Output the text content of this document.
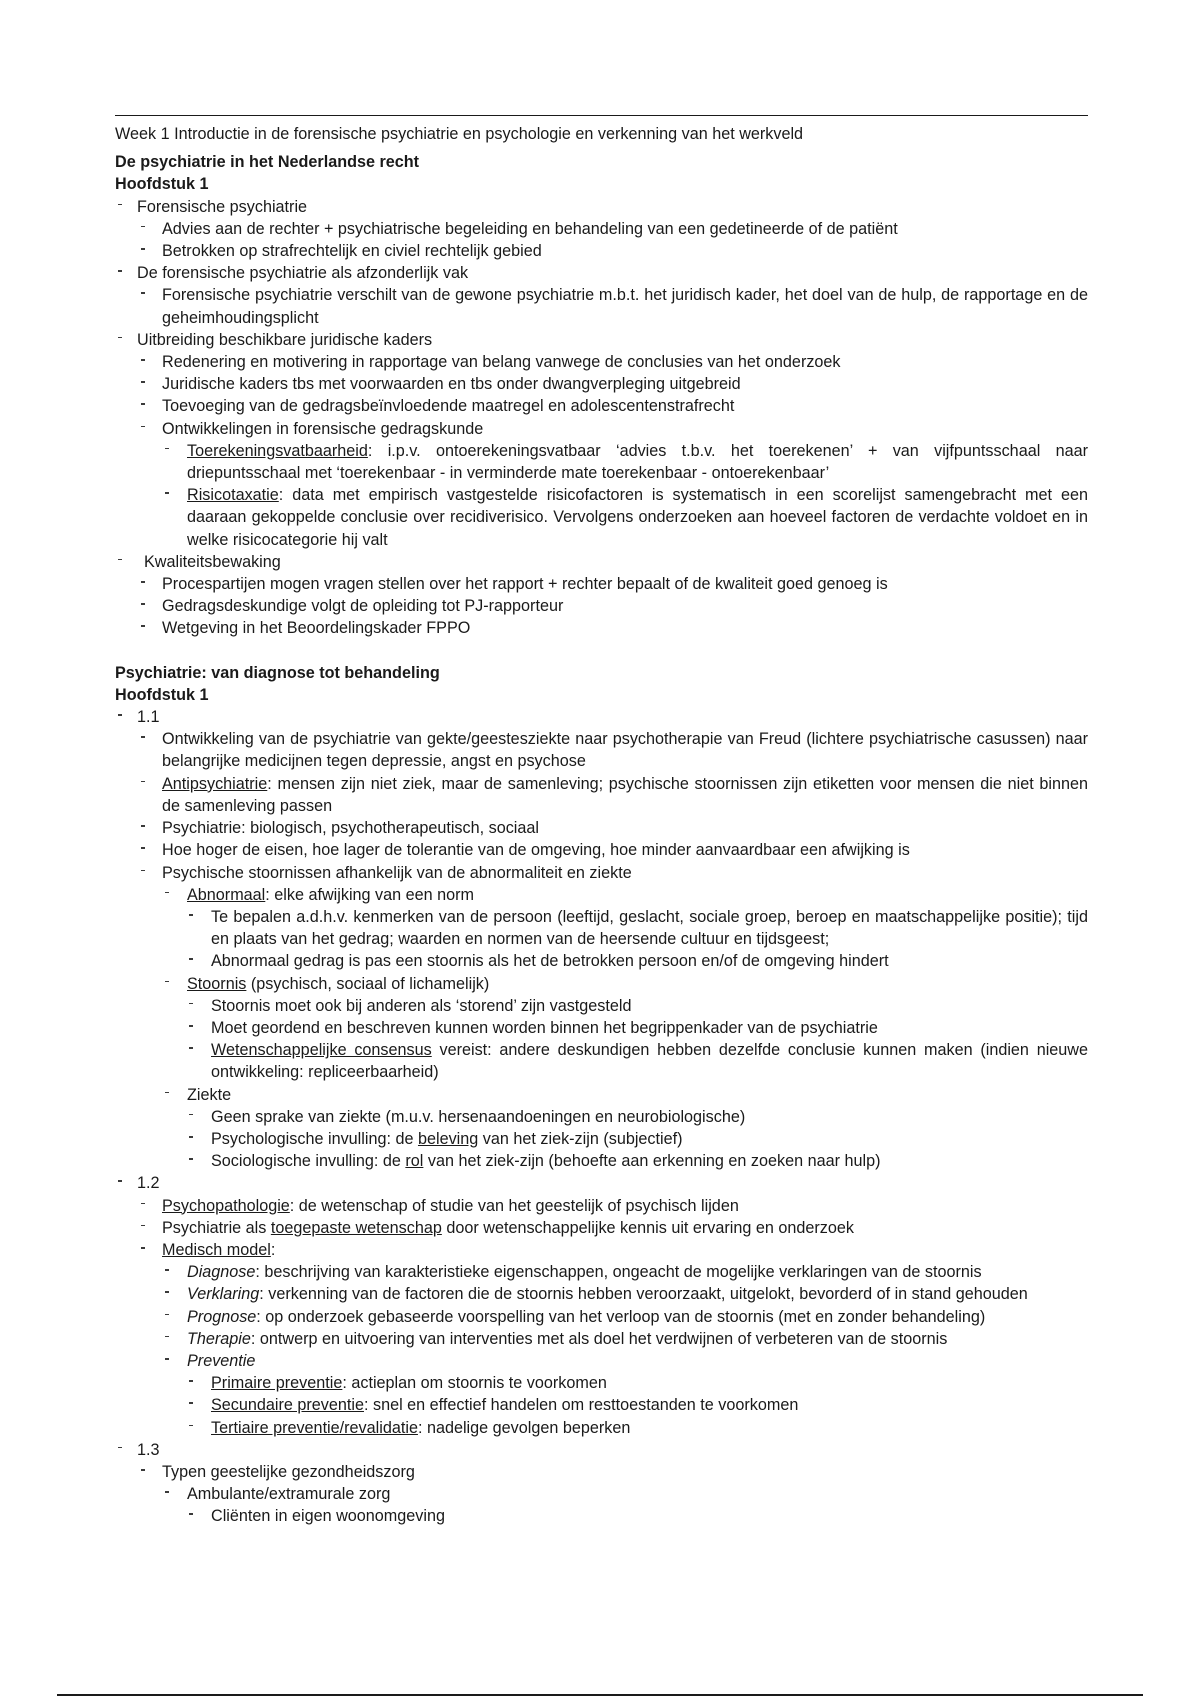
Week 1 Introductie in de forensische psychiatrie en psychologie en verkenning van het werkveld

De psychiatrie in het Nederlandse recht

Hoofdstuk 1

Forensische psychiatrie
Advies aan de rechter + psychiatrische begeleiding en behandeling van een gedetineerde of de patiënt
Betrokken op strafrechtelijk en civiel rechtelijk gebied
De forensische psychiatrie als afzonderlijk vak
Forensische psychiatrie verschilt van de gewone psychiatrie m.b.t. het juridisch kader, het doel van de hulp, de rapportage en de geheimhoudingsplicht
Uitbreiding beschikbare juridische kaders
Redenering en motivering in rapportage van belang vanwege de conclusies van het onderzoek
Juridische kaders tbs met voorwaarden en tbs onder dwangverpleging uitgebreid
Toevoeging van de gedragsbeïnvloedende maatregel en adolescentenstrafrecht
Ontwikkelingen in forensische gedragskunde
Toerekeningsvatbaarheid: i.p.v. ontoerekeningsvatbaar ‘advies t.b.v. het toerekenen’ + van vijfpuntsschaal naar driepuntsschaal met ‘toerekenbaar - in verminderde mate toerekenbaar - ontoerekenbaar’
Risicotaxatie: data met empirisch vastgestelde risicofactoren is systematisch in een scorelijst samengebracht met een daaraan gekoppelde conclusie over recidiverisico. Vervolgens onderzoeken aan hoeveel factoren de verdachte voldoet en in welke risicocategorie hij valt
Kwaliteitsbewaking
Procespartijen mogen vragen stellen over het rapport + rechter bepaalt of de kwaliteit goed genoeg is
Gedragsdeskundige volgt de opleiding tot PJ-rapporteur
Wetgeving in het Beoordelingskader FPPO

Psychiatrie: van diagnose tot behandeling

Hoofdstuk 1

1.1
Ontwikkeling van de psychiatrie van gekte/geestesziekte naar psychotherapie van Freud (lichtere psychiatrische casussen) naar belangrijke medicijnen tegen depressie, angst en psychose
Antipsychiatrie: mensen zijn niet ziek, maar de samenleving; psychische stoornissen zijn etiketten voor mensen die niet binnen de samenleving passen
Psychiatrie: biologisch, psychotherapeutisch, sociaal
Hoe hoger de eisen, hoe lager de tolerantie van de omgeving, hoe minder aanvaardbaar een afwijking is
Psychische stoornissen afhankelijk van de abnormaliteit en ziekte
Abnormaal: elke afwijking van een norm
Te bepalen a.d.h.v. kenmerken van de persoon (leeftijd, geslacht, sociale groep, beroep en maatschappelijke positie); tijd en plaats van het gedrag; waarden en normen van de heersende cultuur en tijdsgeest;
Abnormaal gedrag is pas een stoornis als het de betrokken persoon en/of de omgeving hindert
Stoornis (psychisch, sociaal of lichamelijk)
Stoornis moet ook bij anderen als ‘storend’ zijn vastgesteld
Moet geordend en beschreven kunnen worden binnen het begrippenkader van de psychiatrie
Wetenschappelijke consensus vereist: andere deskundigen hebben dezelfde conclusie kunnen maken (indien nieuwe ontwikkeling: repliceerbaarheid)
Ziekte
Geen sprake van ziekte (m.u.v. hersenaandoeningen en neurobiologische)
Psychologische invulling: de beleving van het ziek-zijn (subjectief)
Sociologische invulling: de rol van het ziek-zijn (behoefte aan erkenning en zoeken naar hulp)
1.2
Psychopathologie: de wetenschap of studie van het geestelijk of psychisch lijden
Psychiatrie als toegepaste wetenschap door wetenschappelijke kennis uit ervaring en onderzoek
Medisch model:
Diagnose: beschrijving van karakteristieke eigenschappen, ongeacht de mogelijke verklaringen van de stoornis
Verklaring: verkenning van de factoren die de stoornis hebben veroorzaakt, uitgelokt, bevorderd of in stand gehouden
Prognose: op onderzoek gebaseerde voorspelling van het verloop van de stoornis (met en zonder behandeling)
Therapie: ontwerp en uitvoering van interventies met als doel het verdwijnen of verbeteren van de stoornis
Preventie
Primaire preventie: actieplan om stoornis te voorkomen
Secundaire preventie: snel en effectief handelen om resttoestanden te voorkomen
Tertiaire preventie/revalidatie: nadelige gevolgen beperken
1.3
Typen geestelijke gezondheidszorg
Ambulante/extramurale zorg
Cliënten in eigen woonomgeving
